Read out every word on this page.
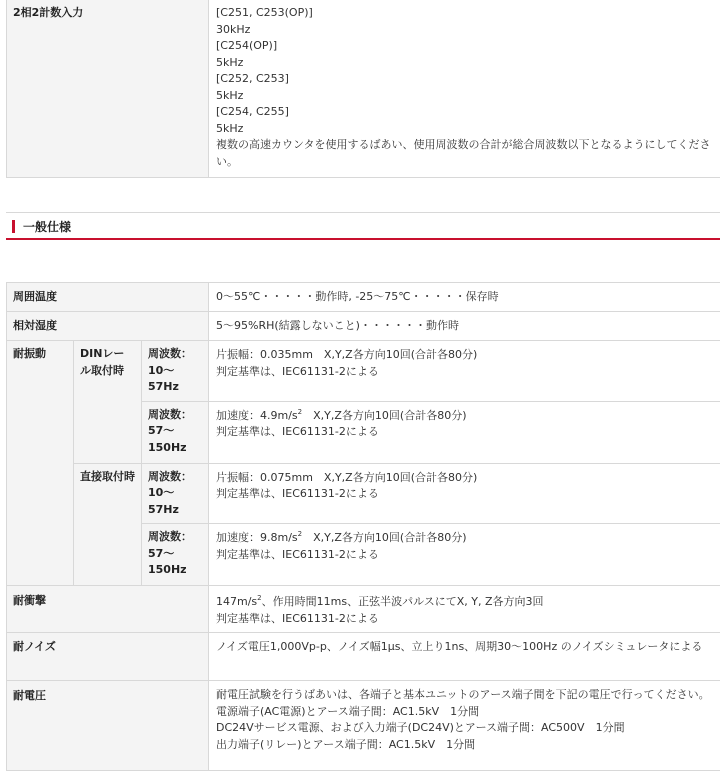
2相2計数入力	[C251, C253(OP)]
30kHz
[C254(OP)]
5kHz
[C252, C253]
5kHz
[C254, C255]
5kHz
複数の高速カウンタを使用するばあい、使用周波数の合計が総合周波数以下となるようにしてください。
一般仕様
周囲温度			0～55℃・・・・・動作時, -25～75℃・・・・・保存時
相対湿度			5～95%RH(結露しないこと)・・・・・・動作時
耐振動	DINレール取付時	周波数：10～57Hz	片振幅：0.035mm　X,Y,Z各方向10回(合計各80分)
判定基準は、IEC61131-2による

		周波数：57～150Hz	加速度：$4.9m/s^2$　X,Y,Z各方向10回(合計各80分)
判定基準は、IEC61131-2による

	直接取付時	周波数：10～57Hz	片振幅：0.075mm　X,Y,Z各方向10回(合計各80分)
判定基準は、IEC61131-2による

		周波数：57～150Hz	加速度：$9.8m/s^2$　X,Y,Z各方向10回(合計各80分)
判定基準は、IEC61131-2による

耐衝撃			$147m/s^2$、作用時間11ms、正弦半波パルスにてX, Y, Z各方向3回
判定基準は、IEC61131-2による

耐ノイズ			ノイズ電圧1,000Vp-p、ノイズ幅1μs、立上り1ns、周期30～100Hz のノイズシミュレータによる
耐電圧			耐電圧試験を行うばあいは、各端子と基本ユニットのアース端子間を下記の電圧で行ってください。
電源端子(AC電源)とアース端子間：AC1.5kV　1分間
DC24Vサービス電源、および入力端子(DC24V)とアース端子間：AC500V　1分間
出力端子(リレー)とアース端子間：AC1.5kV　1分間
